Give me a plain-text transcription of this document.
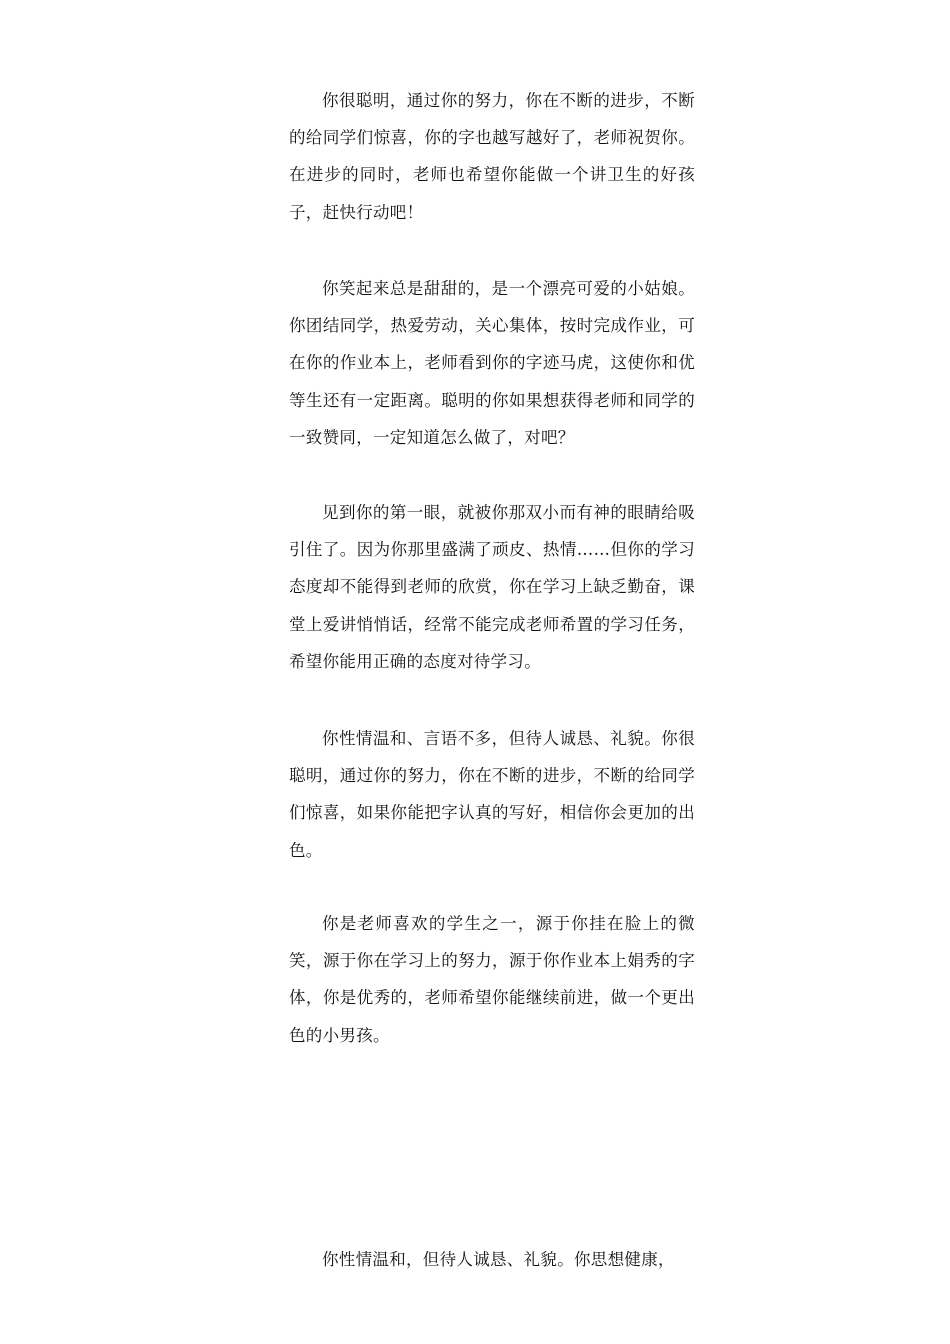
你很聪明，通过你的努力，你在不断的进步，不断的给同学们惊喜，你的字也越写越好了，老师祝贺你。在进步的同时，老师也希望你能做一个讲卫生的好孩子，赶快行动吧！

你笑起来总是甜甜的，是一个漂亮可爱的小姑娘。你团结同学，热爱劳动，关心集体，按时完成作业，可在你的作业本上，老师看到你的字迹马虎，这使你和优等生还有一定距离。聪明的你如果想获得老师和同学的一致赞同，一定知道怎么做了，对吧？

见到你的第一眼，就被你那双小而有神的眼睛给吸引住了。因为你那里盛满了顽皮、热情……但你的学习态度却不能得到老师的欣赏，你在学习上缺乏勤奋，课堂上爱讲悄悄话，经常不能完成老师希置的学习任务，希望你能用正确的态度对待学习。

你性情温和、言语不多，但待人诚恳、礼貌。你很聪明，通过你的努力，你在不断的进步，不断的给同学们惊喜，如果你能把字认真的写好，相信你会更加的出色。

你是老师喜欢的学生之一，源于你挂在脸上的微笑，源于你在学习上的努力，源于你作业本上娟秀的字体，你是优秀的，老师希望你能继续前进，做一个更出色的小男孩。

你性情温和，但待人诚恳、礼貌。你思想健康，
